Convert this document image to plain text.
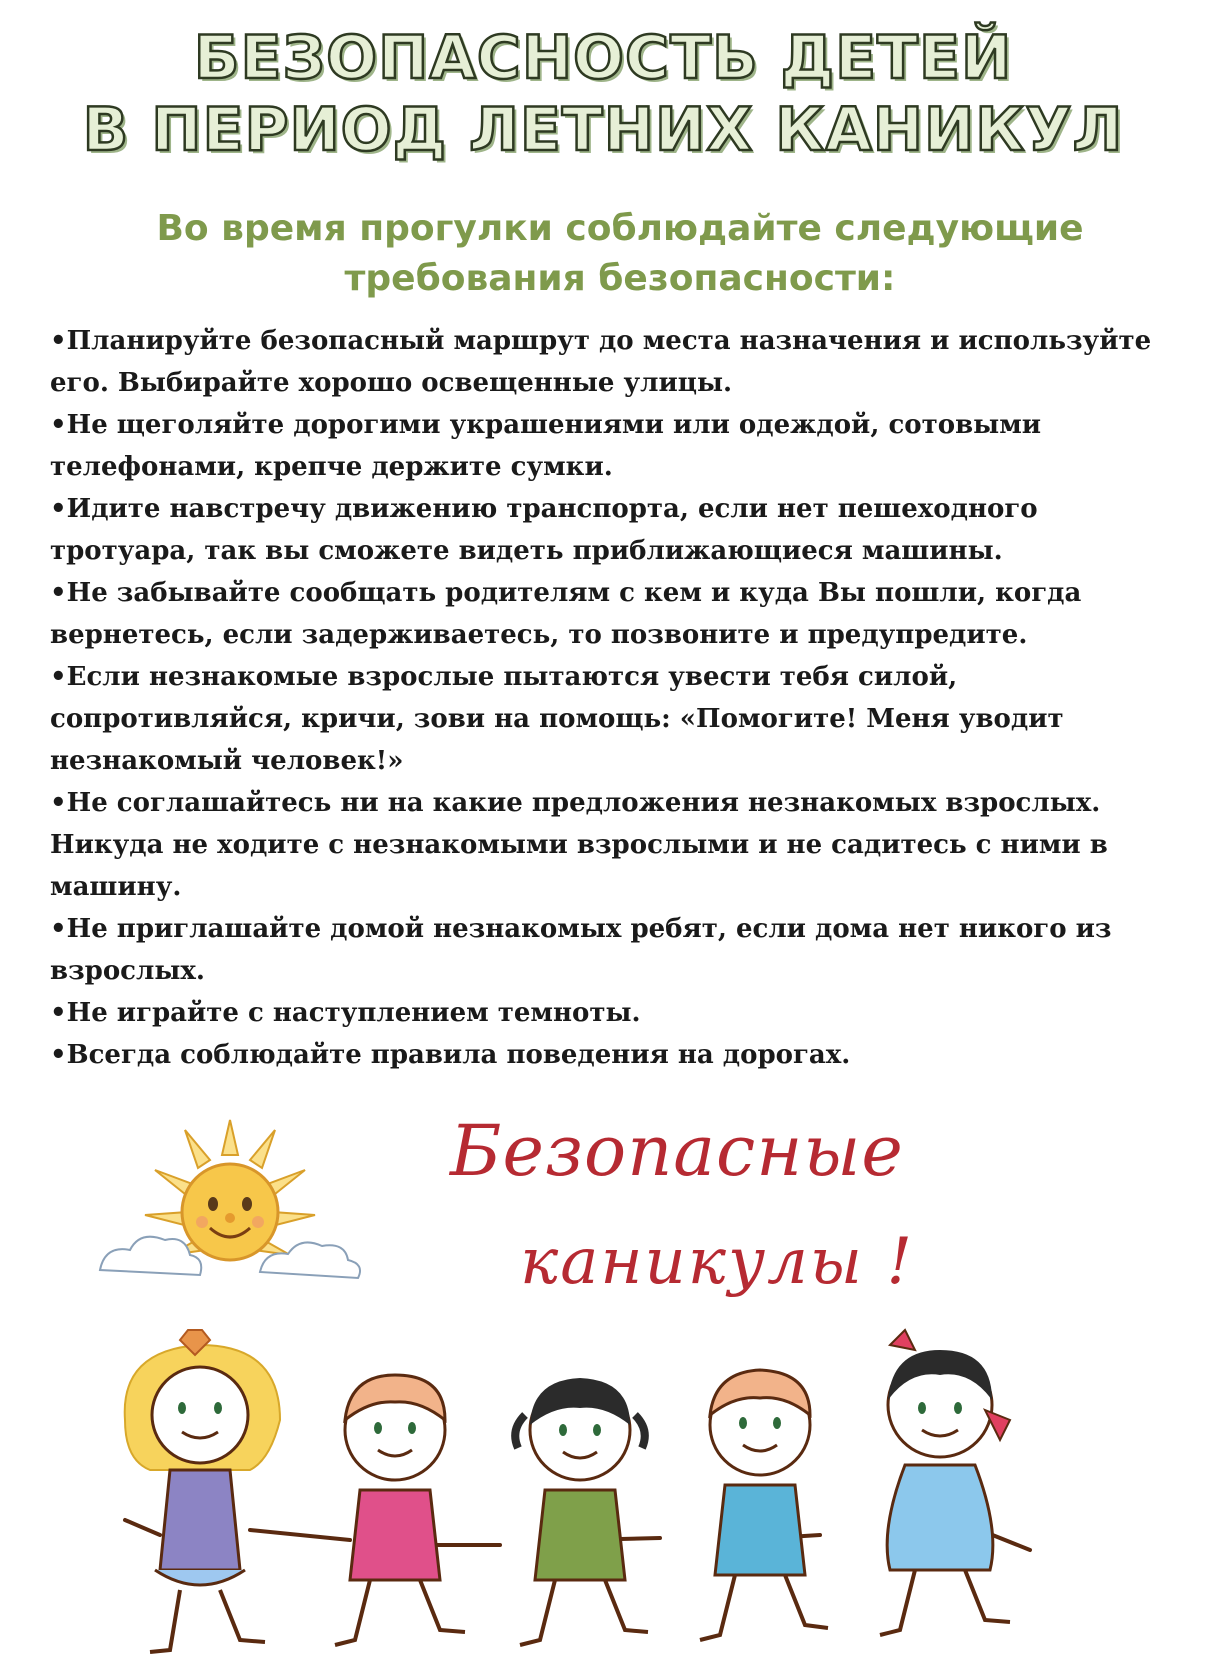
БЕЗОПАСНОСТЬ ДЕТЕЙ
В ПЕРИОД ЛЕТНИХ КАНИКУЛ
Во время прогулки соблюдайте следующие
требования безопасности:
• Планируйте безопасный маршрут до места назначения и используйте его. Выбирайте хорошо освещенные улицы.
• Не щеголяйте дорогими украшениями или одеждой, сотовыми телефонами, крепче держите сумки.
• Идите навстречу движению транспорта, если нет пешеходного тротуара, так вы сможете видеть приближающиеся машины.
• Не забывайте сообщать родителям с кем и куда Вы пошли, когда вернетесь, если задерживаетесь, то позвоните и предупредите.
• Если незнакомые взрослые пытаются увести тебя силой, сопротивляйся, кричи, зови на помощь: «Помогите! Меня уводит незнакомый человек!»
• Не соглашайтесь ни на какие предложения незнакомых взрослых. Никуда не ходите с незнакомыми взрослыми и не садитесь с ними в машину.
• Не приглашайте домой незнакомых ребят, если дома нет никого из взрослых.
• Не играйте с наступлением темноты.
• Всегда соблюдайте правила поведения на дорогах.
Безопасные
каникулы !
